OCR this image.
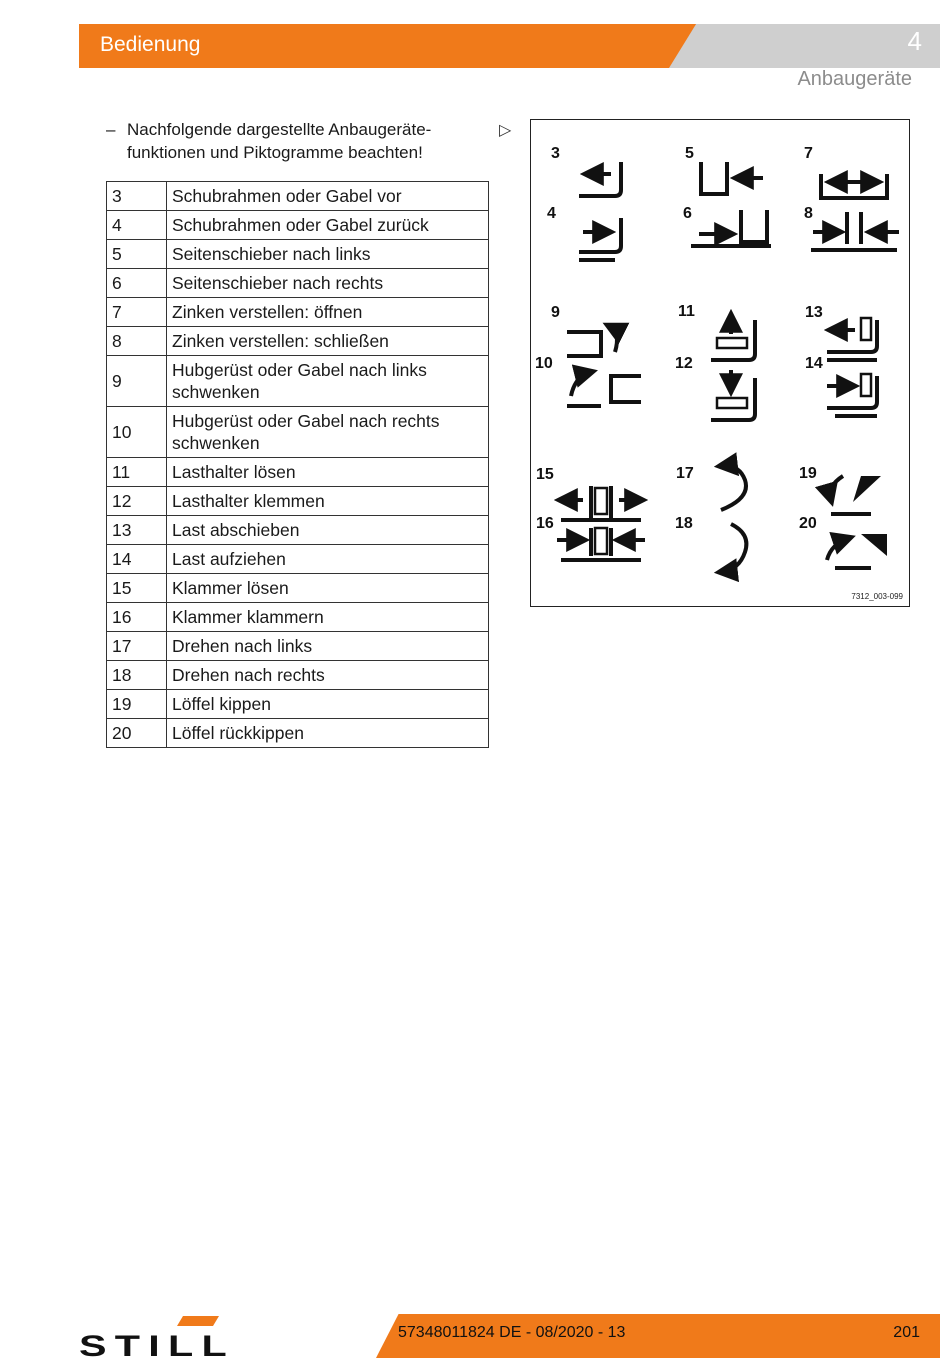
Bedienung	4
Anbaugeräte
– Nachfolgende dargestellte Anbaugeräte-funktionen und Piktogramme beachten!
▷
3	Schubrahmen oder Gabel vor
4	Schubrahmen oder Gabel zurück
5	Seitenschieber nach links
6	Seitenschieber nach rechts
7	Zinken verstellen: öffnen
8	Zinken verstellen: schließen
9	Hubgerüst oder Gabel nach links schwenken
10	Hubgerüst oder Gabel nach rechts schwenken
11	Lasthalter lösen
12	Lasthalter klemmen
13	Last abschieben
14	Last aufziehen
15	Klammer lösen
16	Klammer klammern
17	Drehen nach links
18	Drehen nach rechts
19	Löffel kippen
20	Löffel rückkippen
3
4
5
6
7
8
9
10
11
12
13
14
15
16
17
18
19
20
7312_003-099
STILL	57348011824 DE - 08/2020 - 13	201
